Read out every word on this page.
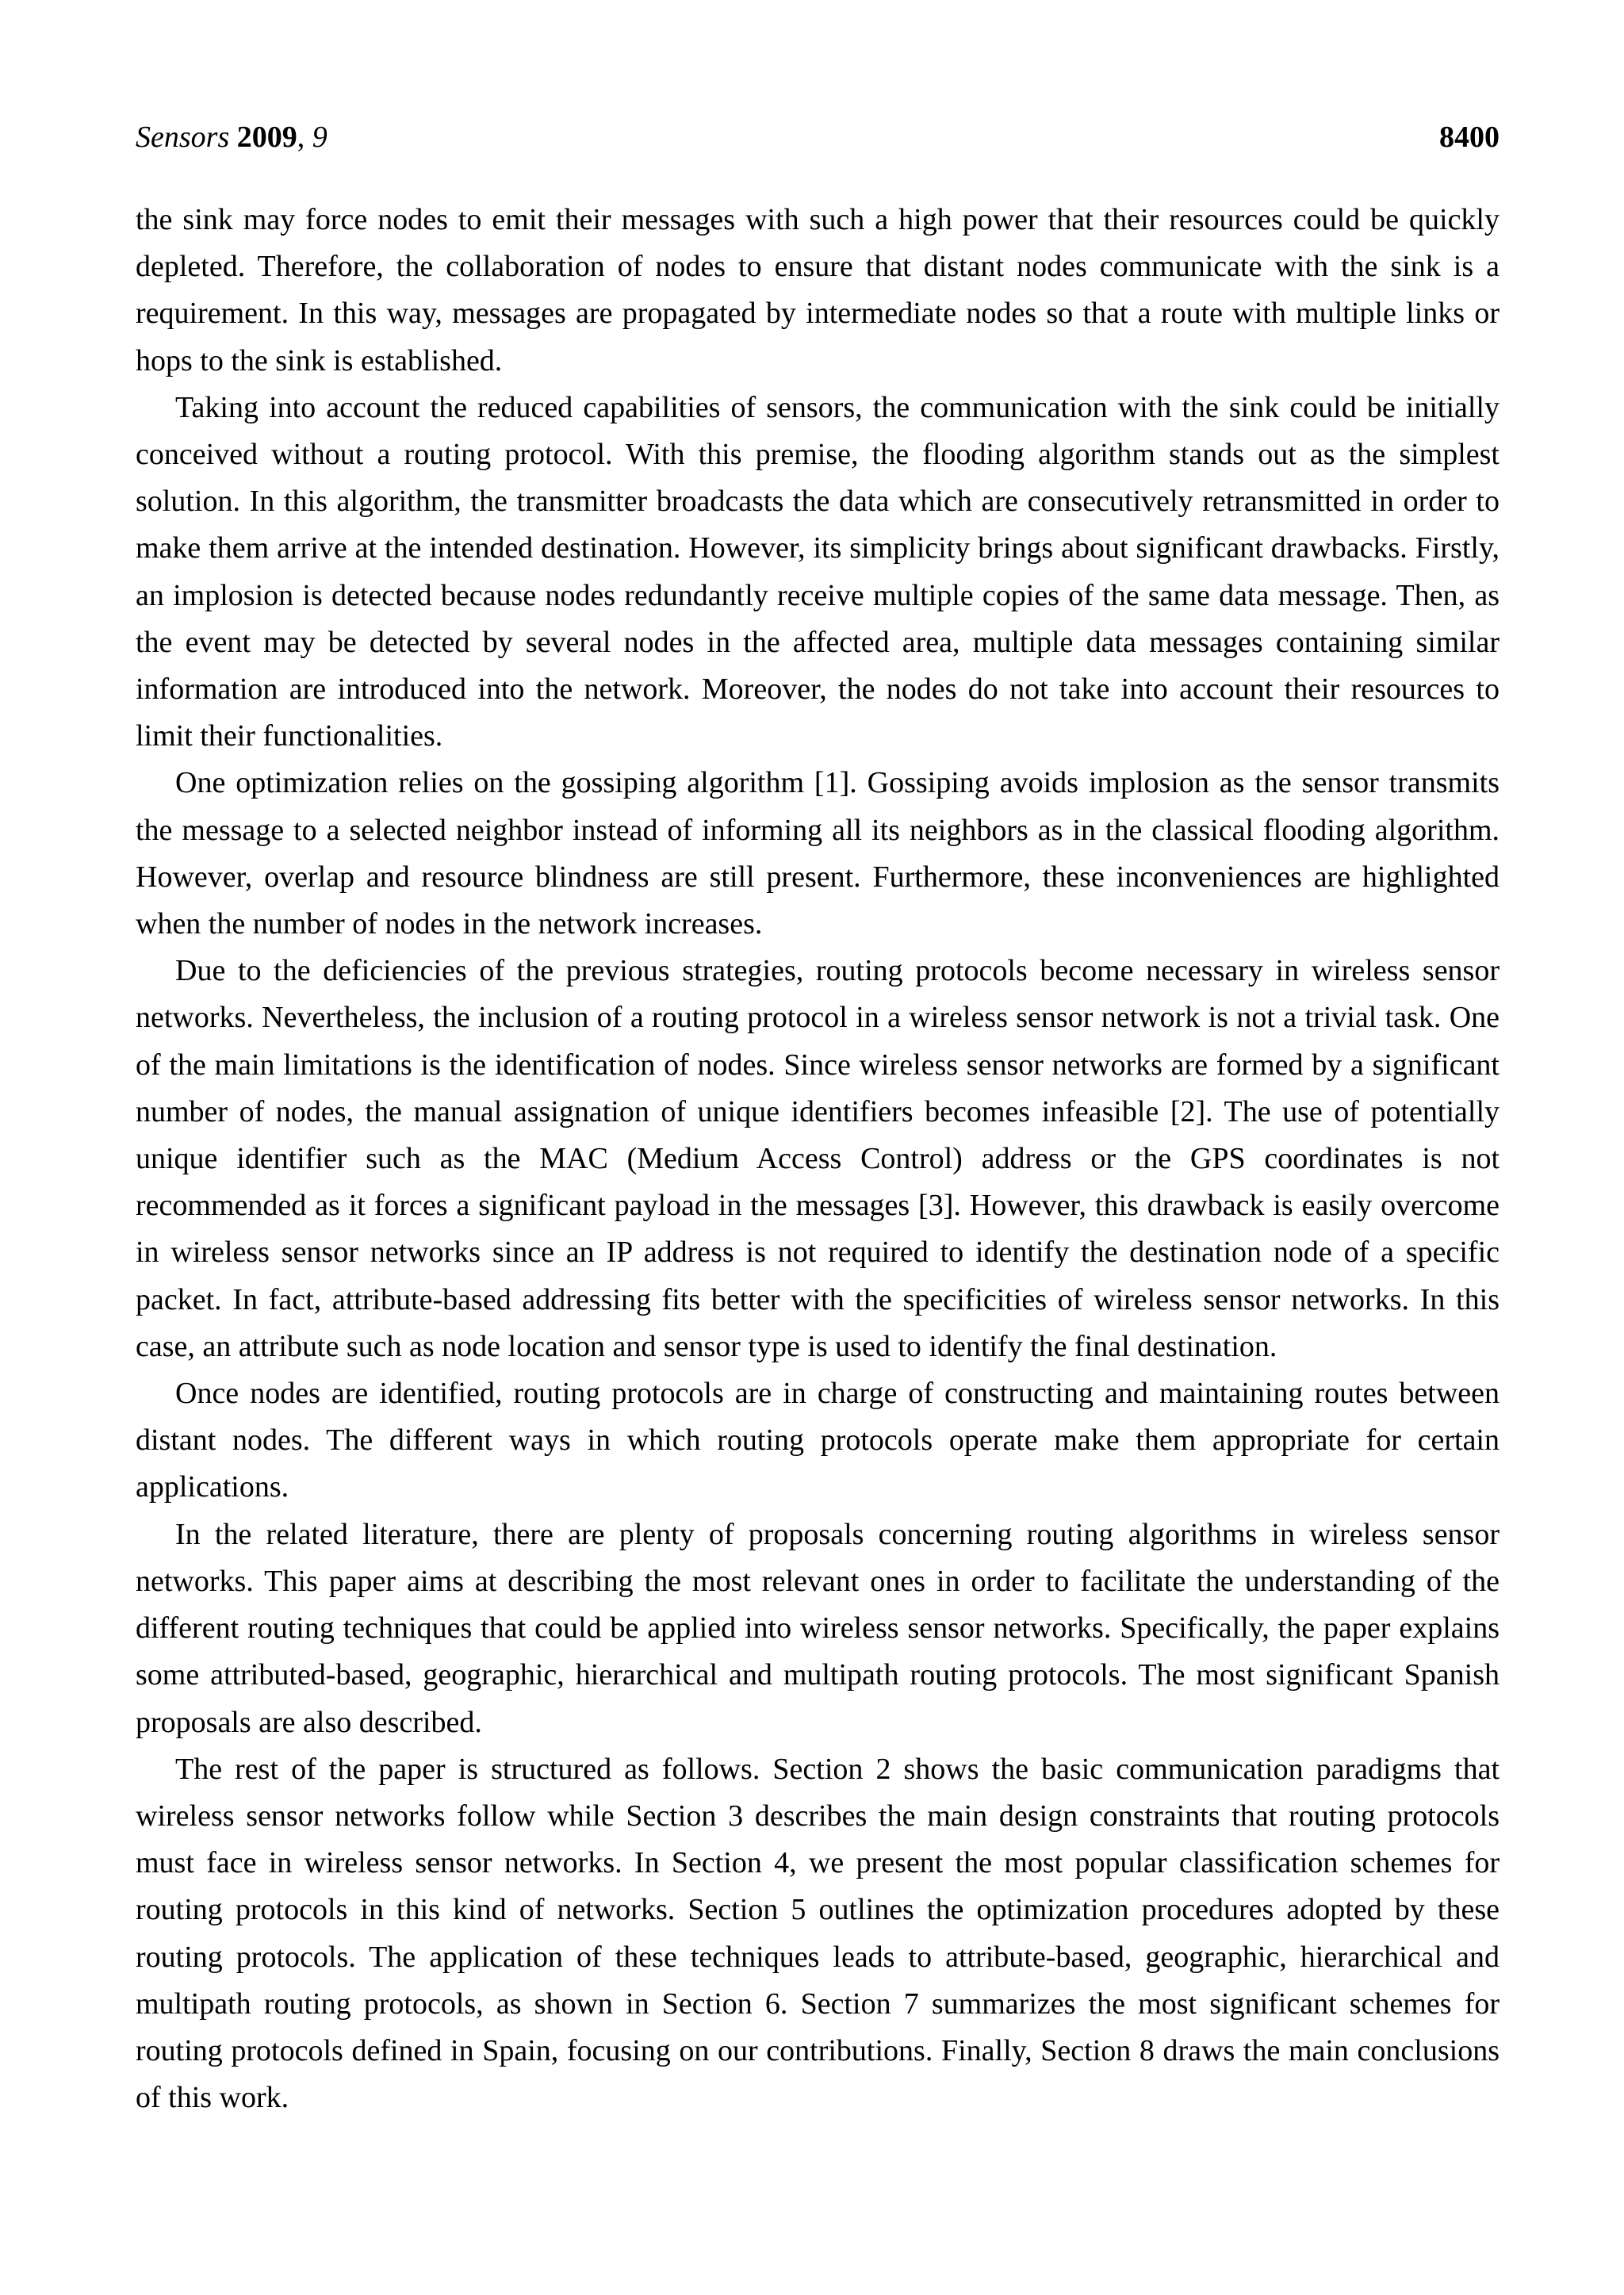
Sensors 2009, 9	8400

the sink may force nodes to emit their messages with such a high power that their resources could be quickly depleted. Therefore, the collaboration of nodes to ensure that distant nodes communicate with the sink is a requirement. In this way, messages are propagated by intermediate nodes so that a route with multiple links or hops to the sink is established.

Taking into account the reduced capabilities of sensors, the communication with the sink could be initially conceived without a routing protocol. With this premise, the flooding algorithm stands out as the simplest solution. In this algorithm, the transmitter broadcasts the data which are consecutively retransmitted in order to make them arrive at the intended destination. However, its simplicity brings about significant drawbacks. Firstly, an implosion is detected because nodes redundantly receive multiple copies of the same data message. Then, as the event may be detected by several nodes in the affected area, multiple data messages containing similar information are introduced into the network. Moreover, the nodes do not take into account their resources to limit their functionalities.

One optimization relies on the gossiping algorithm [1]. Gossiping avoids implosion as the sensor transmits the message to a selected neighbor instead of informing all its neighbors as in the classical flooding algorithm. However, overlap and resource blindness are still present. Furthermore, these inconveniences are highlighted when the number of nodes in the network increases.

Due to the deficiencies of the previous strategies, routing protocols become necessary in wireless sensor networks. Nevertheless, the inclusion of a routing protocol in a wireless sensor network is not a trivial task. One of the main limitations is the identification of nodes. Since wireless sensor networks are formed by a significant number of nodes, the manual assignation of unique identifiers becomes infeasible [2]. The use of potentially unique identifier such as the MAC (Medium Access Control) address or the GPS coordinates is not recommended as it forces a significant payload in the messages [3]. However, this drawback is easily overcome in wireless sensor networks since an IP address is not required to identify the destination node of a specific packet. In fact, attribute-based addressing fits better with the specificities of wireless sensor networks. In this case, an attribute such as node location and sensor type is used to identify the final destination.

Once nodes are identified, routing protocols are in charge of constructing and maintaining routes between distant nodes. The different ways in which routing protocols operate make them appropriate for certain applications.

In the related literature, there are plenty of proposals concerning routing algorithms in wireless sensor networks. This paper aims at describing the most relevant ones in order to facilitate the understanding of the different routing techniques that could be applied into wireless sensor networks. Specifically, the paper explains some attributed-based, geographic, hierarchical and multipath routing protocols. The most significant Spanish proposals are also described.

The rest of the paper is structured as follows. Section 2 shows the basic communication paradigms that wireless sensor networks follow while Section 3 describes the main design constraints that routing protocols must face in wireless sensor networks. In Section 4, we present the most popular classification schemes for routing protocols in this kind of networks. Section 5 outlines the optimization procedures adopted by these routing protocols. The application of these techniques leads to attribute-based, geographic, hierarchical and multipath routing protocols, as shown in Section 6. Section 7 summarizes the most significant schemes for routing protocols defined in Spain, focusing on our contributions. Finally, Section 8 draws the main conclusions of this work.
